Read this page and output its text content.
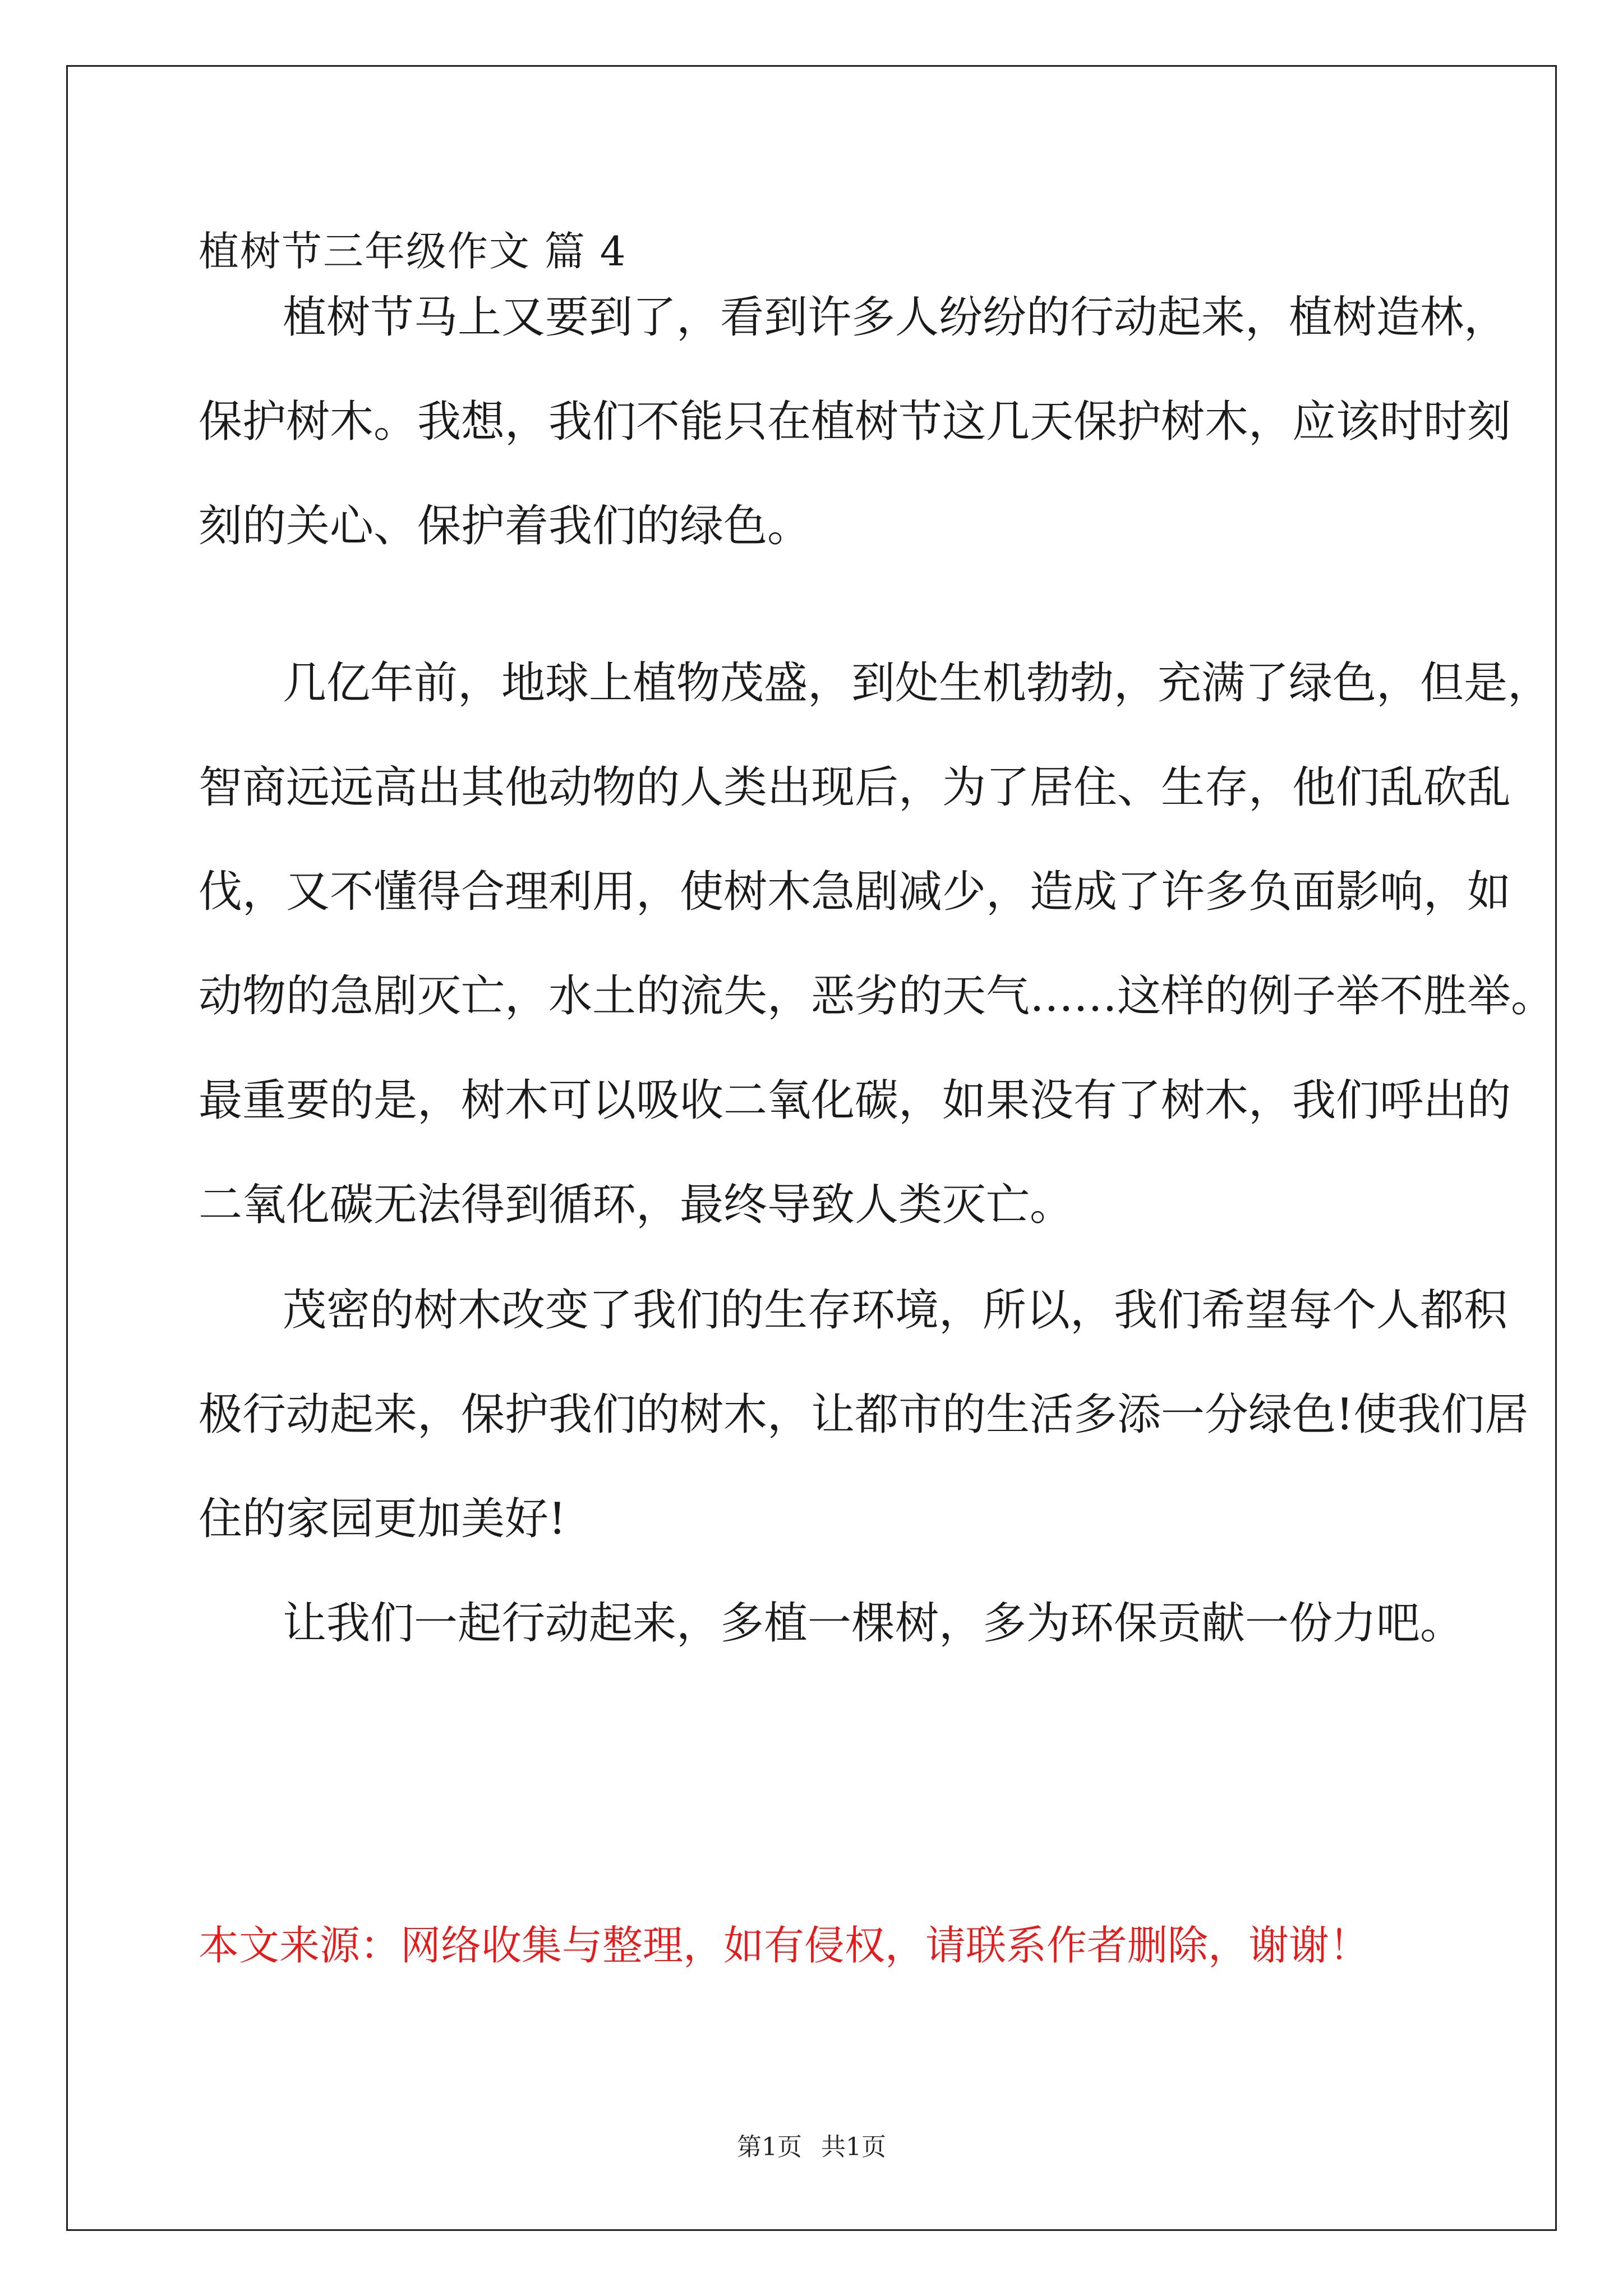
植树节三年级作文 篇 4
植树节马上又要到了，看到许多人纷纷的行动起来，植树造林，
保护树木。我想，我们不能只在植树节这几天保护树木，应该时时刻
刻的关心、保护着我们的绿色。
几亿年前，地球上植物茂盛，到处生机勃勃，充满了绿色，但是，
智商远远高出其他动物的人类出现后，为了居住、生存，他们乱砍乱
伐，又不懂得合理利用，使树木急剧减少，造成了许多负面影响，如
动物的急剧灭亡，水土的流失，恶劣的天气……这样的例子举不胜举。
最重要的是，树木可以吸收二氧化碳，如果没有了树木，我们呼出的
二氧化碳无法得到循环，最终导致人类灭亡。
茂密的树木改变了我们的生存环境，所以，我们希望每个人都积
极行动起来，保护我们的树木，让都市的生活多添一分绿色!使我们居
住的家园更加美好!
让我们一起行动起来，多植一棵树，多为环保贡献一份力吧。
本文来源：网络收集与整理，如有侵权，请联系作者删除，谢谢！
第1页 共1页
